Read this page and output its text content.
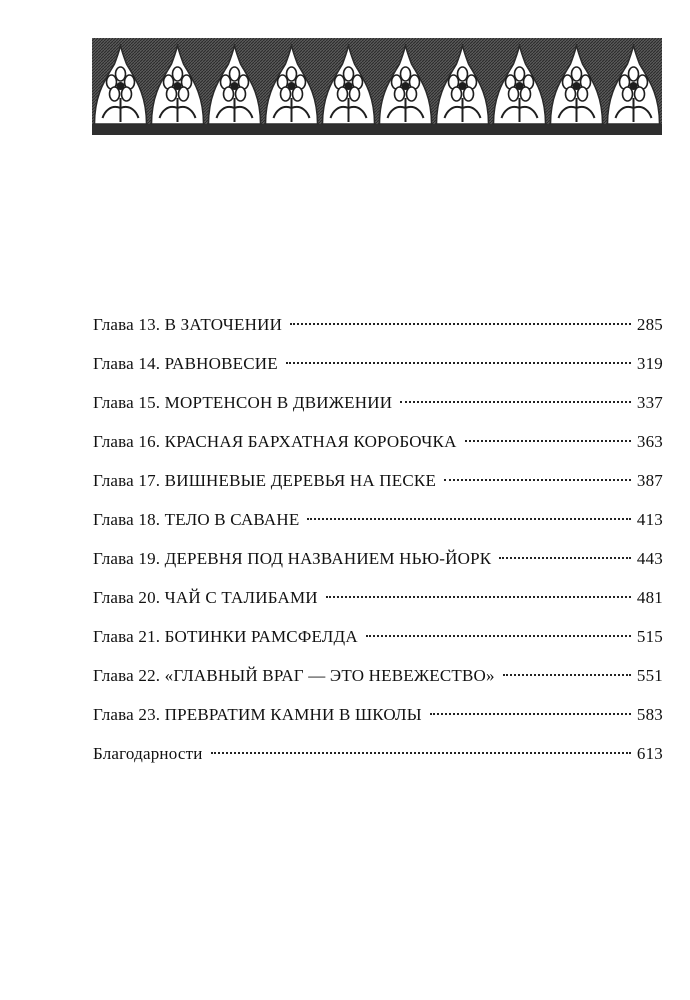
Глава 13. В ЗАТОЧЕНИИ	285
Глава 14. РАВНОВЕСИЕ	319
Глава 15. МОРТЕНСОН В ДВИЖЕНИИ	337
Глава 16. КРАСНАЯ БАРХАТНАЯ КОРОБОЧКА	363
Глава 17. ВИШНЕВЫЕ ДЕРЕВЬЯ НА ПЕСКЕ	387
Глава 18. ТЕЛО В САВАНЕ	413
Глава 19. ДЕРЕВНЯ ПОД НАЗВАНИЕМ НЬЮ-ЙОРК	443
Глава 20. ЧАЙ С ТАЛИБАМИ	481
Глава 21. БОТИНКИ РАМСФЕЛДА	515
Глава 22. «ГЛАВНЫЙ ВРАГ — ЭТО НЕВЕЖЕСТВО»	551
Глава 23. ПРЕВРАТИМ КАМНИ В ШКОЛЫ	583
Благодарности	613
